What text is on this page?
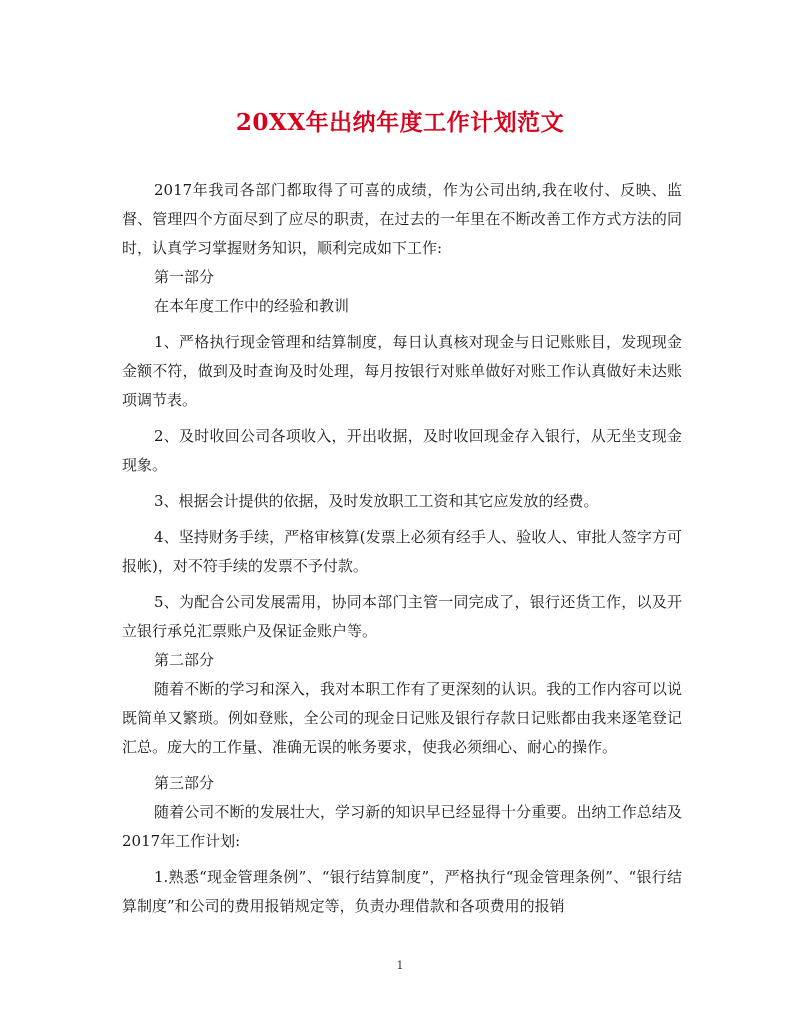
20XX年出纳年度工作计划范文

2017年我司各部门都取得了可喜的成绩，作为公司出纳,我在收付、反映、监督、管理四个方面尽到了应尽的职责，在过去的一年里在不断改善工作方式方法的同时，认真学习掌握财务知识，顺利完成如下工作:

第一部分

在本年度工作中的经验和教训

1、严格执行现金管理和结算制度，每日认真核对现金与日记账账目，发现现金金额不符，做到及时查询及时处理，每月按银行对账单做好对账工作认真做好未达账项调节表。

2、及时收回公司各项收入，开出收据，及时收回现金存入银行，从无坐支现金现象。

3、根据会计提供的依据，及时发放职工工资和其它应发放的经费。

4、坚持财务手续，严格审核算(发票上必须有经手人、验收人、审批人签字方可报帐)，对不符手续的发票不予付款。

5、为配合公司发展需用，协同本部门主管一同完成了，银行还货工作，以及开立银行承兑汇票账户及保证金账户等。

第二部分

随着不断的学习和深入，我对本职工作有了更深刻的认识。我的工作内容可以说既简单又繁琐。例如登账，全公司的现金日记账及银行存款日记账都由我来逐笔登记汇总。庞大的工作量、准确无误的帐务要求，使我必须细心、耐心的操作。

第三部分

随着公司不断的发展壮大，学习新的知识早已经显得十分重要。出纳工作总结及2017年工作计划:

1.熟悉“现金管理条例”、“银行结算制度”，严格执行“现金管理条例”、“银行结算制度”和公司的费用报销规定等，负责办理借款和各项费用的报销

1
